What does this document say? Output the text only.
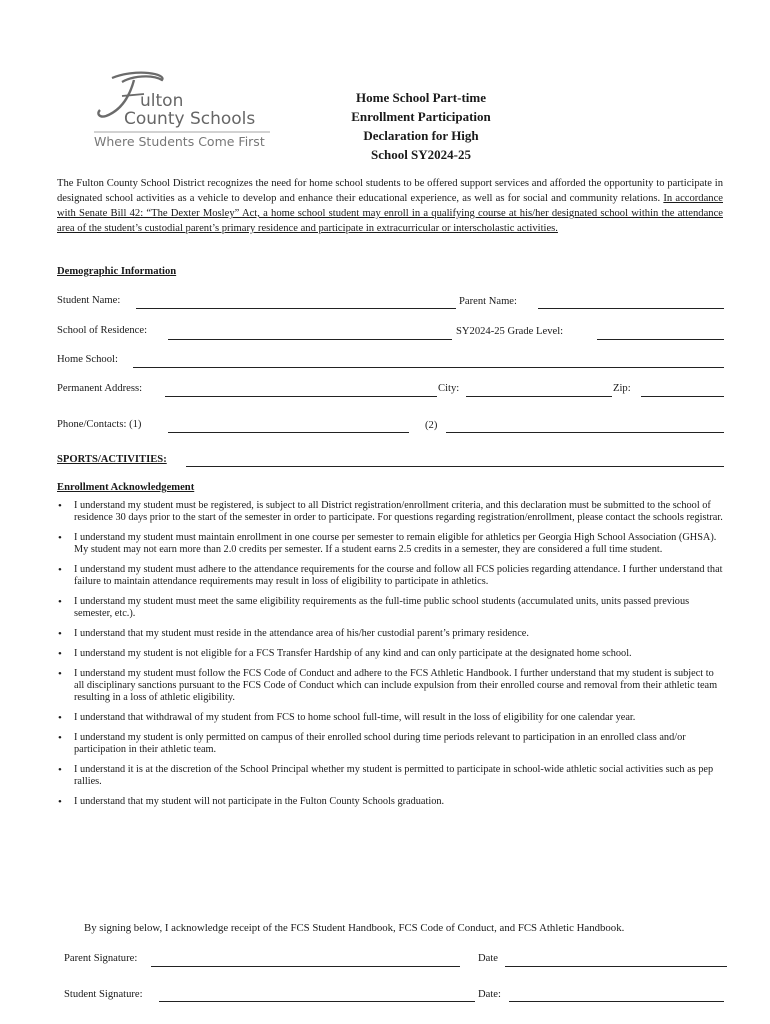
ulton
County Schools
Where Students Come First
Home School Part-time
Enrollment Participation
Declaration for High
School SY2024-25
The Fulton County School District recognizes the need for home school students to be offered support services and afforded the opportunity to participate in designated school activities as a vehicle to develop and enhance their educational experience, as well as for social and community relations. In accordance with Senate Bill 42: “The Dexter Mosley” Act, a home school student may enroll in a qualifying course at his/her designated school within the attendance area of the student’s custodial parent’s primary residence and participate in extracurricular or interscholastic activities.
Demographic Information
Student Name:	Parent Name:
School of Residence:	SY2024-25 Grade Level:
Home School:
Permanent Address:	City:	Zip:
Phone/Contacts: (1)	(2)
SPORTS/ACTIVITIES:
Enrollment Acknowledgement
• I understand my student must be registered, is subject to all District registration/enrollment criteria, and this declaration must be submitted to the school of residence 30 days prior to the start of the semester in order to participate. For questions regarding registration/enrollment, please contact the schools registrar.
• I understand my student must maintain enrollment in one course per semester to remain eligible for athletics per Georgia High School Association (GHSA). My student may not earn more than 2.0 credits per semester. If a student earns 2.5 credits in a semester, they are considered a full time student.
• I understand my student must adhere to the attendance requirements for the course and follow all FCS policies regarding attendance. I further understand that failure to maintain attendance requirements may result in loss of eligibility to participate in athletics.
• I understand my student must meet the same eligibility requirements as the full-time public school students (accumulated units, units passed previous semester, etc.).
• I understand that my student must reside in the attendance area of his/her custodial parent’s primary residence.
• I understand my student is not eligible for a FCS Transfer Hardship of any kind and can only participate at the designated home school.
• I understand my student must follow the FCS Code of Conduct and adhere to the FCS Athletic Handbook. I further understand that my student is subject to all disciplinary sanctions pursuant to the FCS Code of Conduct which can include expulsion from their enrolled course and removal from their athletic team resulting in a loss of athletic eligibility.
• I understand that withdrawal of my student from FCS to home school full-time, will result in the loss of eligibility for one calendar year.
• I understand my student is only permitted on campus of their enrolled school during time periods relevant to participation in an enrolled class and/or participation in their athletic team.
• I understand it is at the discretion of the School Principal whether my student is permitted to participate in school-wide athletic social activities such as pep rallies.
• I understand that my student will not participate in the Fulton County Schools graduation.
By signing below, I acknowledge receipt of the FCS Student Handbook, FCS Code of Conduct, and FCS Athletic Handbook.
Parent Signature:	Date
Student Signature:	Date:
